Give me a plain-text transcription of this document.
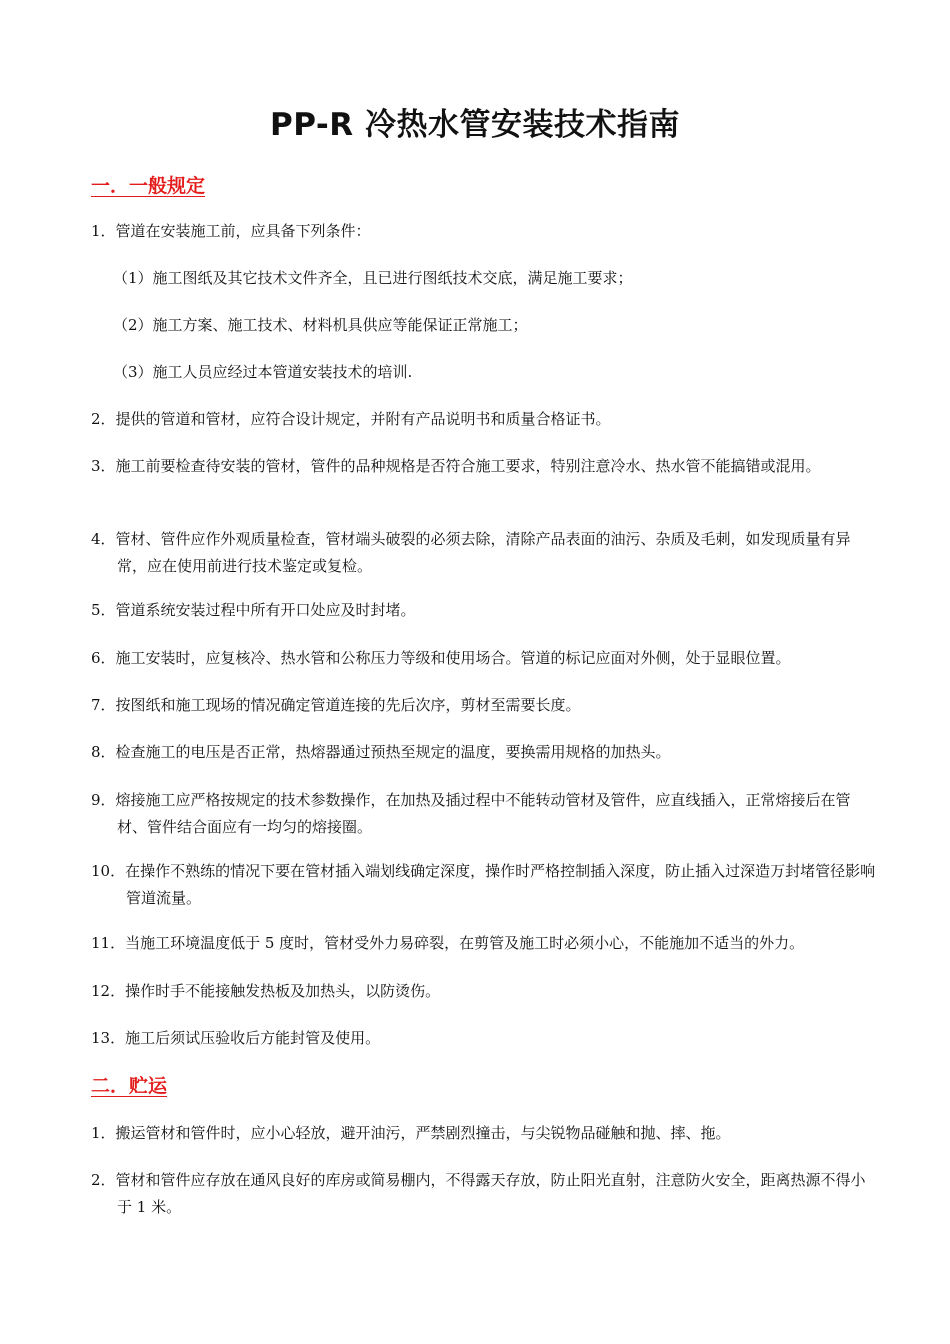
PP-R 冷热水管安装技术指南
一．一般规定
1．管道在安装施工前，应具备下列条件：
（1）施工图纸及其它技术文件齐全，且已进行图纸技术交底，满足施工要求；
（2）施工方案、施工技术、材料机具供应等能保证正常施工；
（3）施工人员应经过本管道安装技术的培训.
2．提供的管道和管材，应符合设计规定，并附有产品说明书和质量合格证书。
3．施工前要检查待安装的管材，管件的品种规格是否符合施工要求，特别注意冷水、热水管不能搞错或混用。
4．管材、管件应作外观质量检查，管材端头破裂的必须去除，清除产品表面的油污、杂质及毛刺，如发现质量有异常，应在使用前进行技术鉴定或复检。
5．管道系统安装过程中所有开口处应及时封堵。
6．施工安装时，应复核冷、热水管和公称压力等级和使用场合。管道的标记应面对外侧，处于显眼位置。
7．按图纸和施工现场的情况确定管道连接的先后次序，剪材至需要长度。
8．检查施工的电压是否正常，热熔器通过预热至规定的温度，要换需用规格的加热头。
9．熔接施工应严格按规定的技术参数操作，在加热及插过程中不能转动管材及管件，应直线插入，正常熔接后在管材、管件结合面应有一均匀的熔接圈。
10．在操作不熟练的情况下要在管材插入端划线确定深度，操作时严格控制插入深度，防止插入过深造万封堵管径影响管道流量。
11．当施工环境温度低于 5 度时，管材受外力易碎裂，在剪管及施工时必须小心，不能施加不适当的外力。
12．操作时手不能接触发热板及加热头，以防烫伤。
13．施工后须试压验收后方能封管及使用。
二．贮运
1．搬运管材和管件时，应小心轻放，避开油污，严禁剧烈撞击，与尖锐物品碰触和抛、摔、拖。
2．管材和管件应存放在通风良好的库房或简易棚内，不得露天存放，防止阳光直射，注意防火安全，距离热源不得小于 1 米。
